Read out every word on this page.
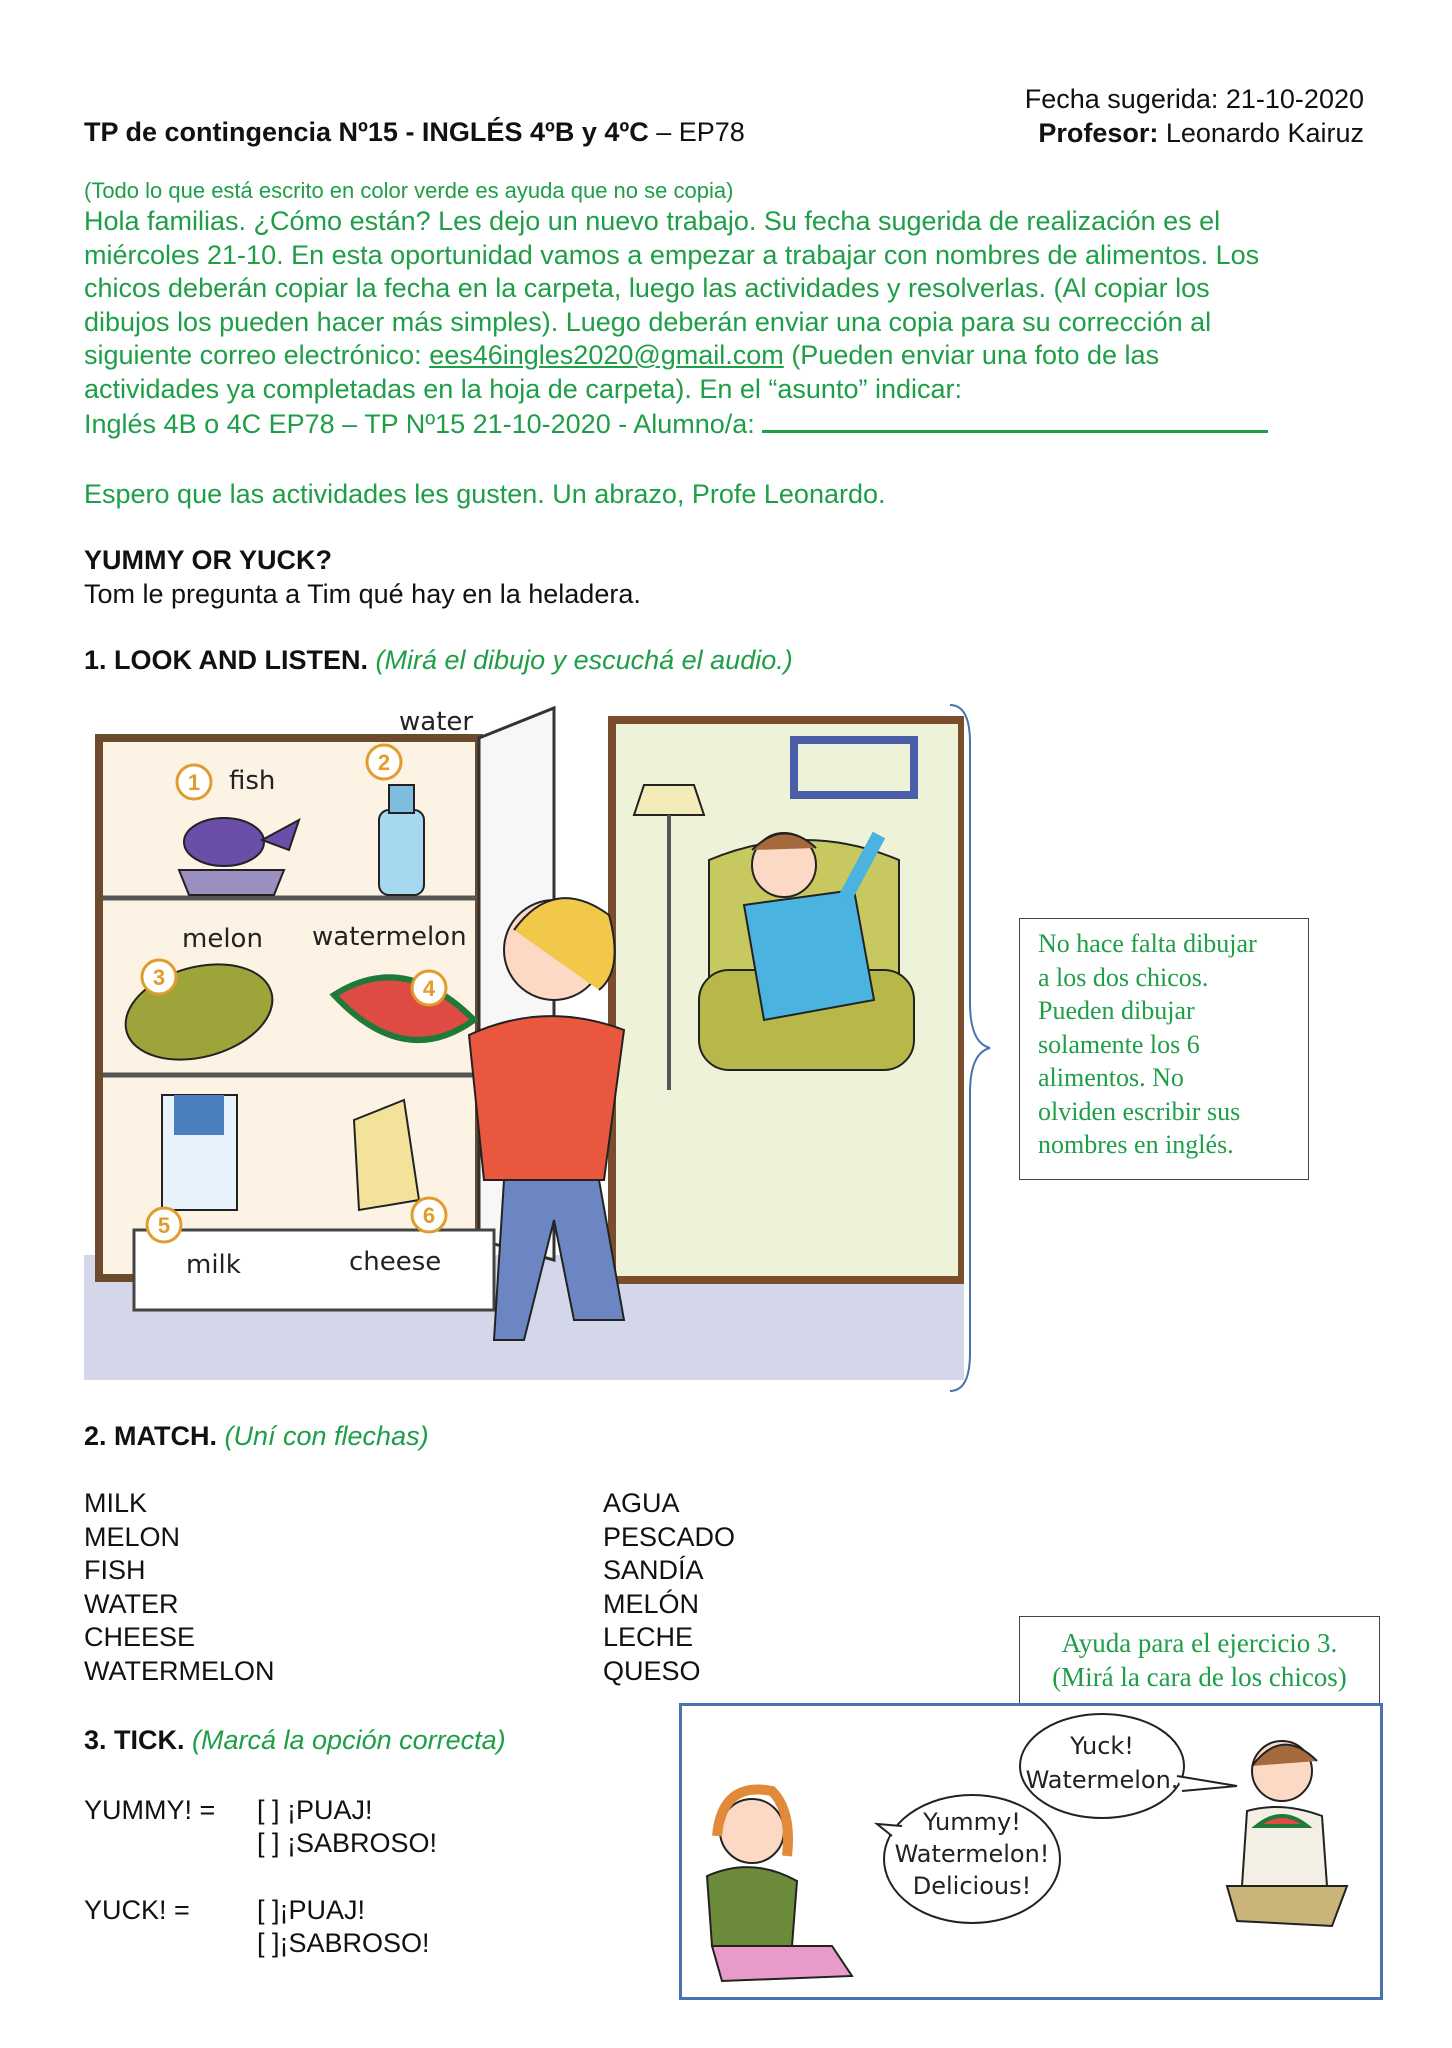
TP de contingencia Nº15 - INGLÉS 4ºB y 4ºC – EP78
Fecha sugerida: 21-10-2020
Profesor: Leonardo Kairuz
(Todo lo que está escrito en color verde es ayuda que no se copia)
Hola familias. ¿Cómo están? Les dejo un nuevo trabajo. Su fecha sugerida de realización es el
miércoles 21-10. En esta oportunidad vamos a empezar a trabajar con nombres de alimentos. Los
chicos deberán copiar la fecha en la carpeta, luego las actividades y resolverlas. (Al copiar los
dibujos los pueden hacer más simples). Luego deberán enviar una copia para su corrección al
siguiente correo electrónico: ees46ingles2020@gmail.com (Pueden enviar una foto de las
actividades ya completadas en la hoja de carpeta). En el “asunto” indicar:
Inglés 4B o 4C EP78 – TP Nº15 21-10-2020 - Alumno/a:
Espero que las actividades les gusten. Un abrazo, Profe Leonardo.
YUMMY OR YUCK?
Tom le pregunta a Tim qué hay en la heladera.
1. LOOK AND LISTEN. (Mirá el dibujo y escuchá el audio.)
1
2
3	4
5	6
fish
water
melon watermelon
milk	cheese
No hace falta dibujar
a los dos chicos.
Pueden dibujar
solamente los 6
alimentos. No
olviden escribir sus
nombres en inglés.
2. MATCH. (Uní con flechas)
MILK
MELON
FISH
WATER
CHEESE
WATERMELON
AGUA
PESCADO
SANDÍA
MELÓN
LECHE
QUESO
3. TICK. (Marcá la opción correcta)
YUMMY! = [ ] ¡PUAJ!
[ ] ¡SABROSO!
YUCK! = [ ]¡PUAJ!
[ ]¡SABROSO!
Ayuda para el ejercicio 3.
(Mirá la cara de los chicos)
Yummy!
Watermelon!
Delicious!
Yuck!
Watermelon.
